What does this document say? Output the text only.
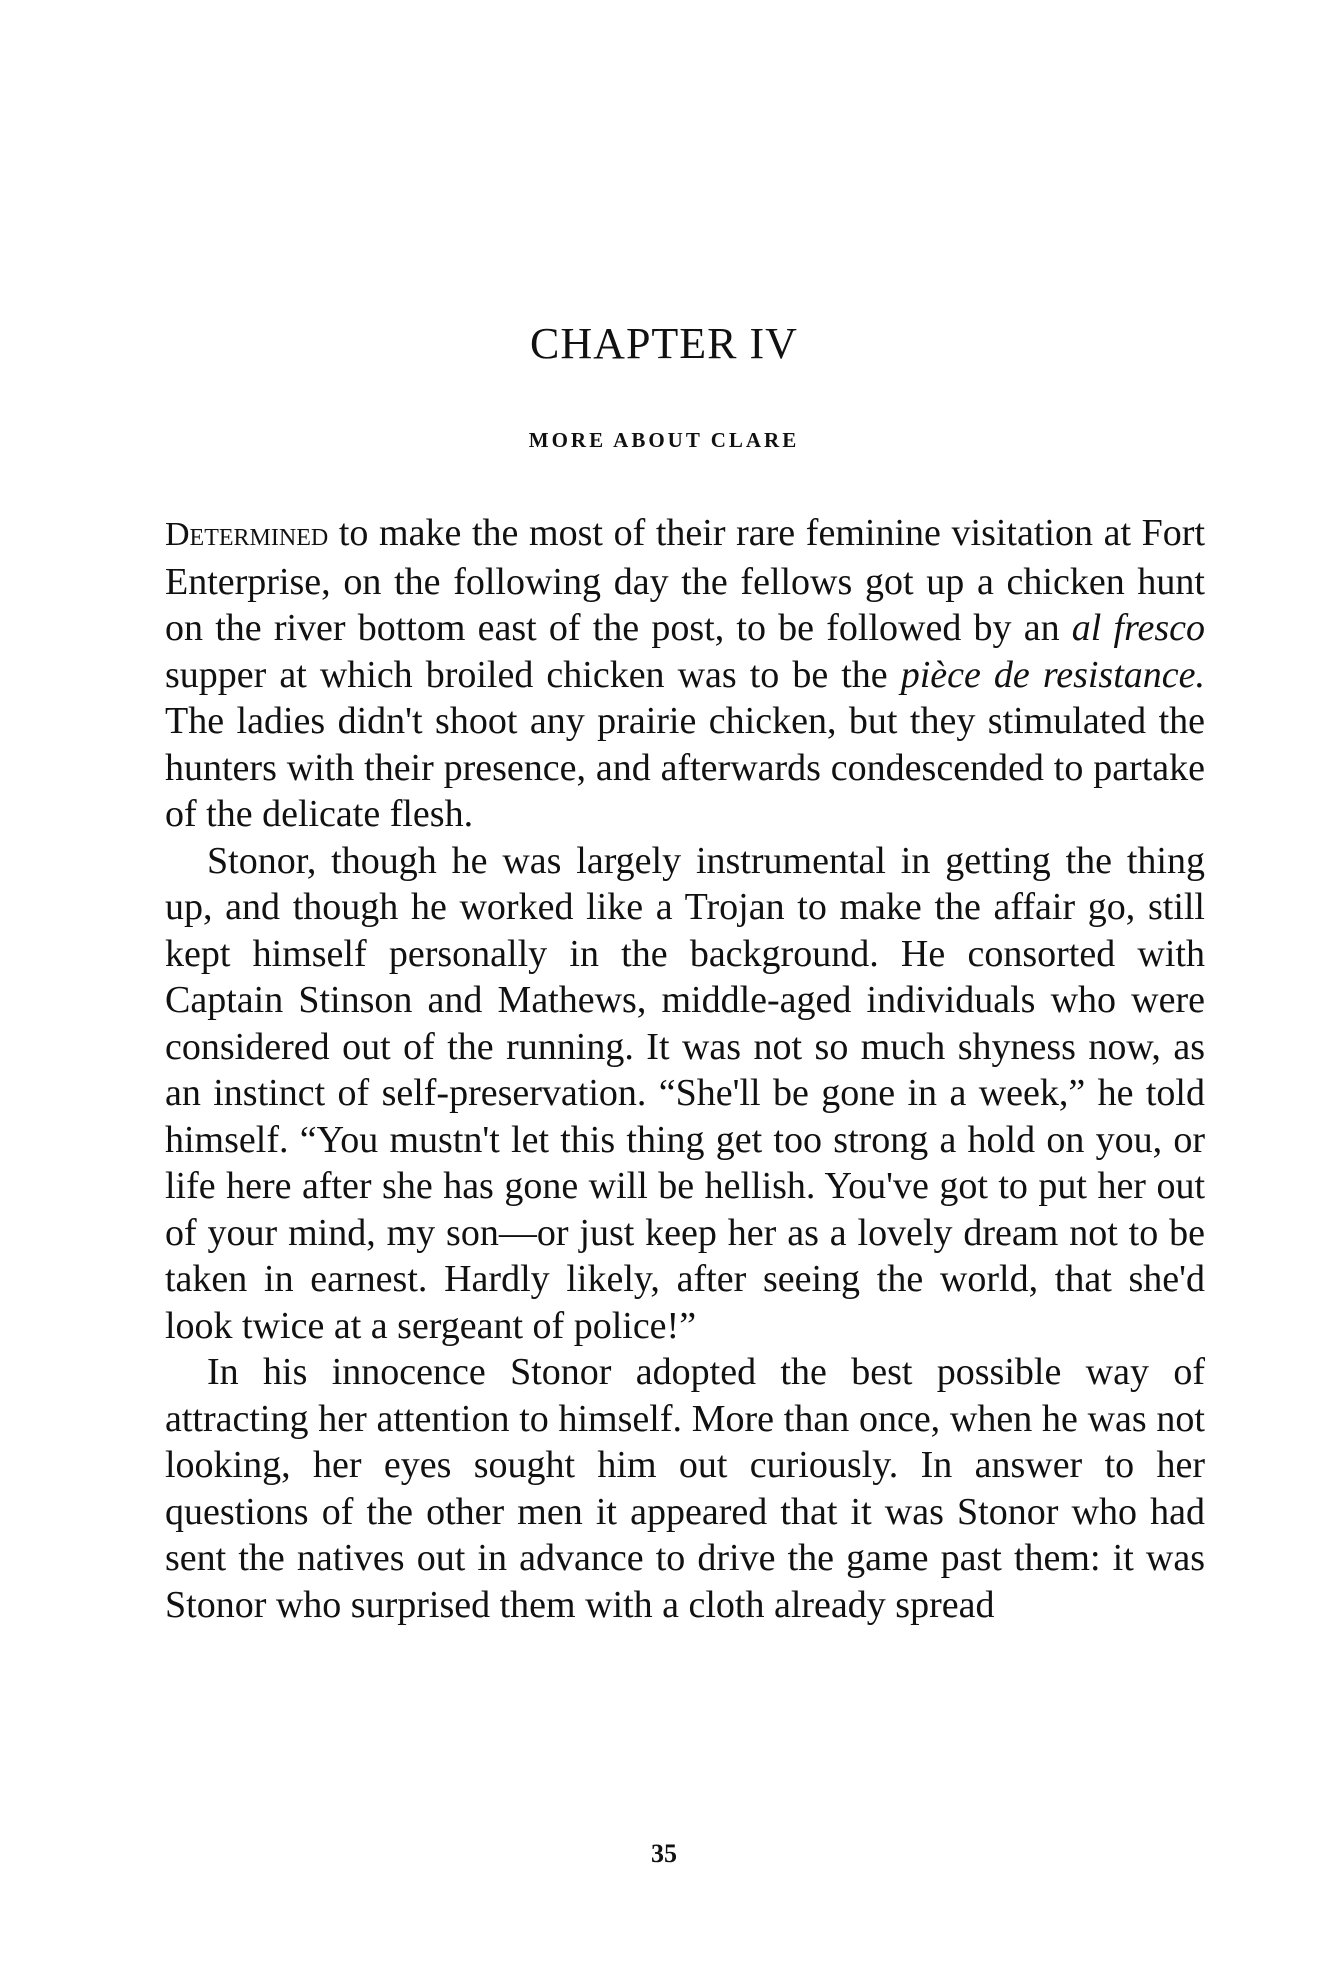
CHAPTER IV
MORE ABOUT CLARE

Determined to make the most of their rare feminine visitation at Fort Enterprise, on the following day the fellows got up a chicken hunt on the river bottom east of the post, to be followed by an al fresco supper at which broiled chicken was to be the pièce de resistance. The ladies didn't shoot any prairie chicken, but they stimulated the hunters with their presence, and afterwards condescended to partake of the delicate flesh.

Stonor, though he was largely instrumental in getting the thing up, and though he worked like a Trojan to make the affair go, still kept himself personally in the background. He consorted with Captain Stinson and Mathews, middle-aged individuals who were considered out of the running. It was not so much shyness now, as an instinct of self-preservation. “She'll be gone in a week,” he told himself. “You mustn't let this thing get too strong a hold on you, or life here after she has gone will be hellish. You've got to put her out of your mind, my son—or just keep her as a lovely dream not to be taken in earnest. Hardly likely, after seeing the world, that she'd look twice at a sergeant of police!”

In his innocence Stonor adopted the best possible way of attracting her attention to himself. More than once, when he was not looking, her eyes sought him out curiously. In answer to her questions of the other men it appeared that it was Stonor who had sent the natives out in advance to drive the game past them: it was Stonor who surprised them with a cloth already spread

35
